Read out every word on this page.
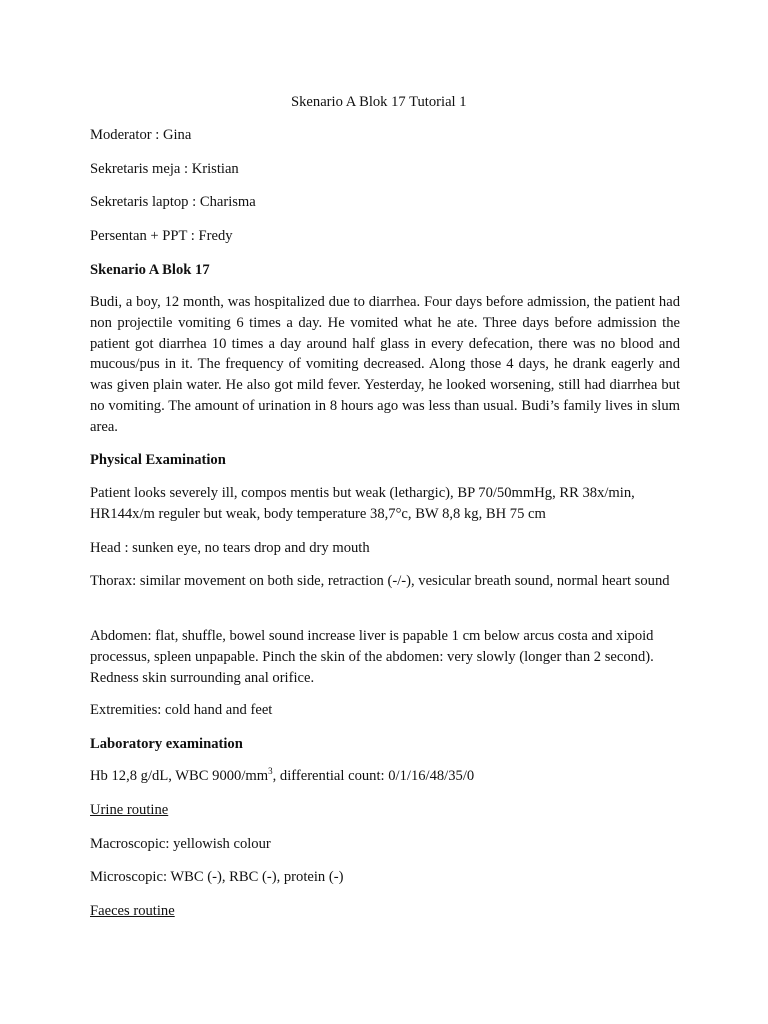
Skenario A Blok 17 Tutorial 1
Moderator : Gina
Sekretaris meja : Kristian
Sekretaris laptop : Charisma
Persentan + PPT : Fredy
Skenario A Blok 17
Budi, a boy, 12 month, was hospitalized due to diarrhea. Four days before admission, the patient had non projectile vomiting 6 times a day. He vomited what he ate. Three days before admission the patient got diarrhea 10 times a day around half glass in every defecation, there was no blood and mucous/pus in it. The frequency of vomiting decreased. Along those 4 days, he drank eagerly and was given plain water. He also got mild fever. Yesterday, he looked worsening, still had diarrhea but no vomiting. The amount of urination in 8 hours ago was less than usual. Budi’s family lives in slum area.
Physical Examination
Patient looks severely ill, compos mentis but weak (lethargic), BP 70/50mmHg, RR 38x/min, HR144x/m reguler but weak, body temperature 38,7°c, BW 8,8 kg, BH 75 cm
Head : sunken eye, no tears drop and dry mouth
Thorax: similar movement on both side, retraction (-/-), vesicular breath sound, normal heart sound
Abdomen: flat, shuffle, bowel sound increase liver is papable 1 cm below arcus costa and xipoid processus, spleen unpapable. Pinch the skin of the abdomen: very slowly (longer than 2 second). Redness skin surrounding anal orifice.
Extremities: cold hand and feet
Laboratory examination
Hb 12,8 g/dL, WBC $9000/mm^3$, differential count: 0/1/16/48/35/0
Urine routine
Macroscopic: yellowish colour
Microscopic: WBC (-), RBC (-), protein (-)
Faeces routine
